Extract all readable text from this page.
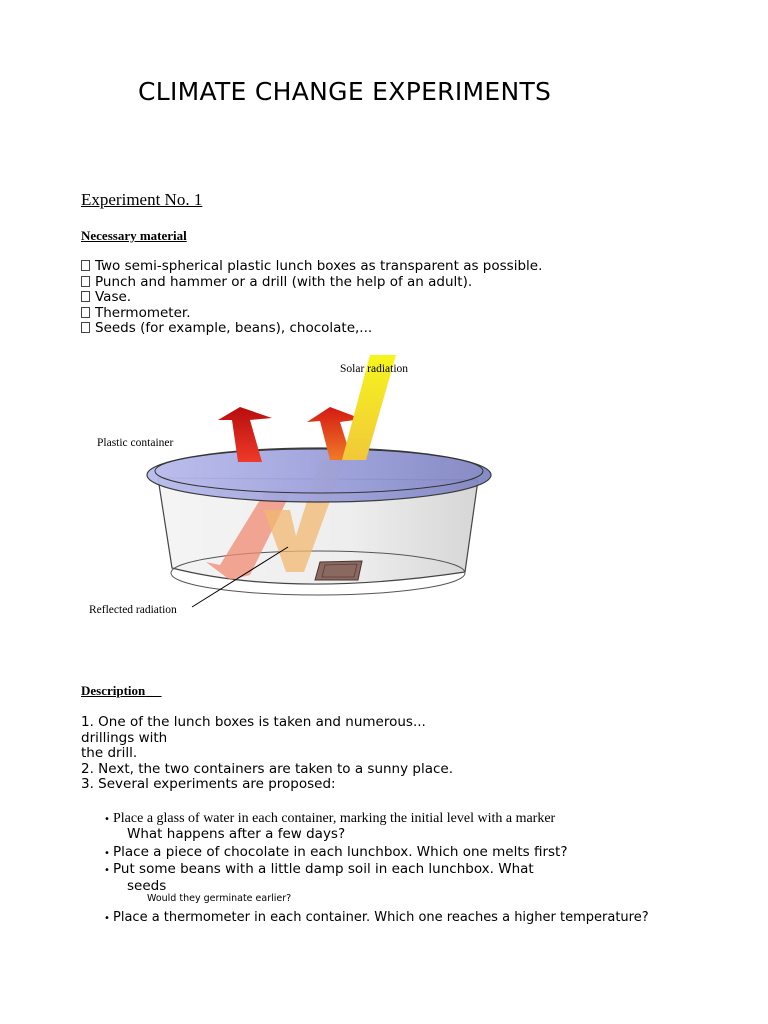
CLIMATE CHANGE EXPERIMENTS
Experiment No. 1
Necessary material
Two semi-spherical plastic lunch boxes as transparent as possible.
Punch and hammer or a drill (with the help of an adult).
Vase.
Thermometer.
Seeds (for example, beans), chocolate,...
Solar radiation
Plastic container
Reflected radiation
Description
1. One of the lunch boxes is taken and numerous...
drillings with
the drill.
2. Next, the two containers are taken to a sunny place.
3. Several experiments are proposed:
• Place a glass of water in each container, marking the initial level with a marker
What happens after a few days?
• Place a piece of chocolate in each lunchbox. Which one melts first?
• Put some beans with a little damp soil in each lunchbox. What
seeds
Would they germinate earlier?
• Place a thermometer in each container. Which one reaches a higher temperature?
